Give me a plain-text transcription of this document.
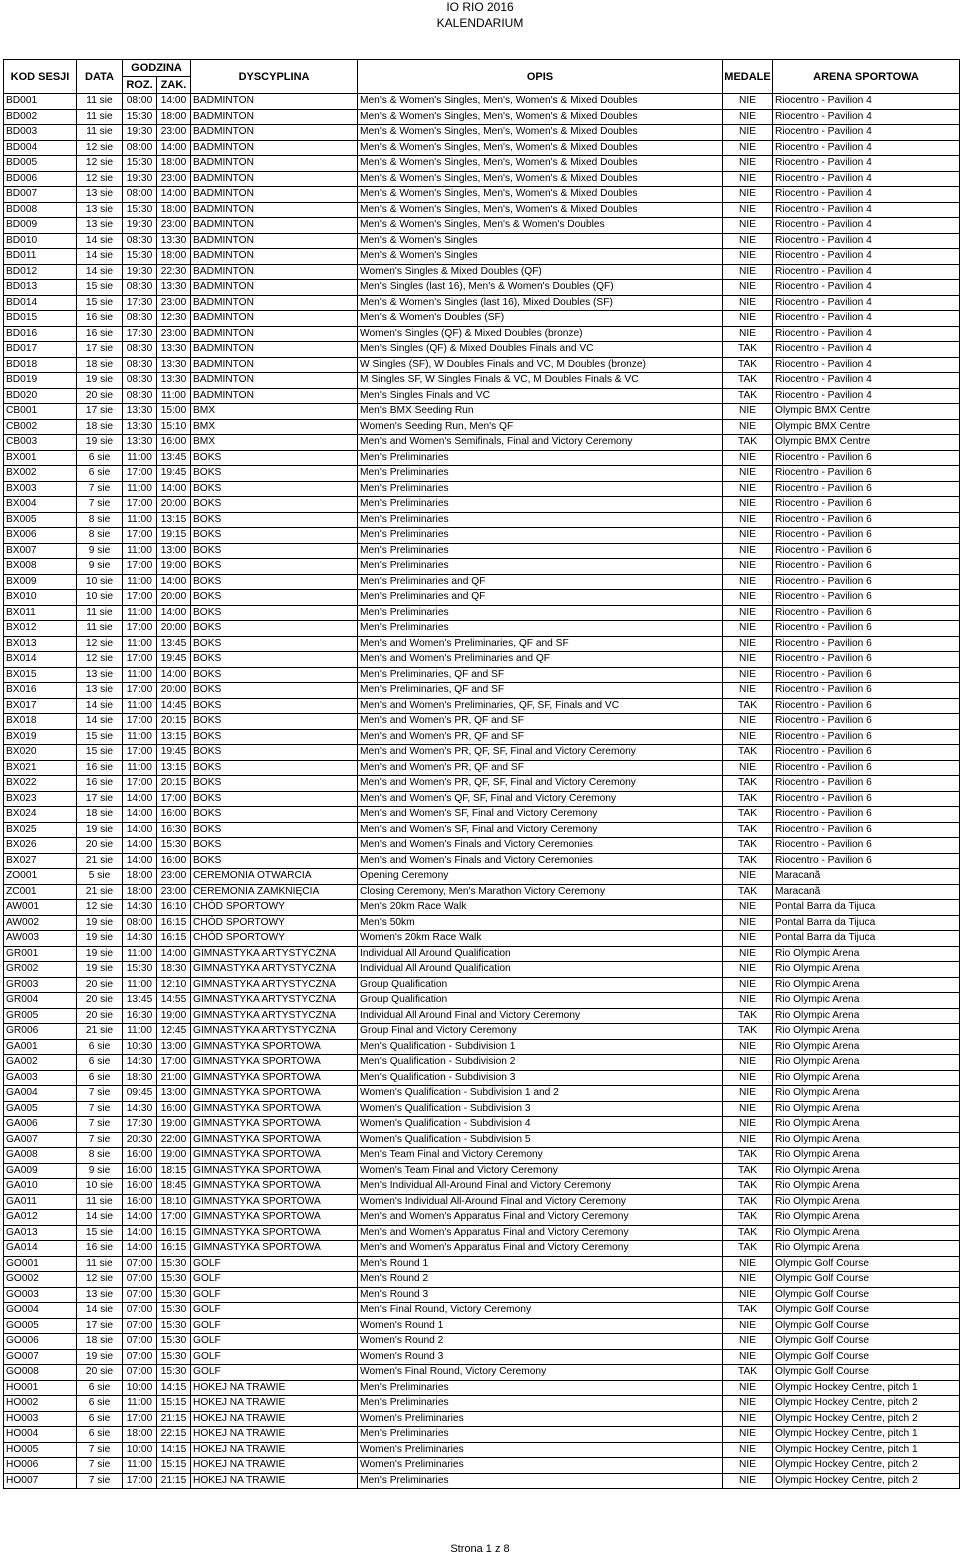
IO RIO 2016
KALENDARIUM
KOD SESJI	DATA	GODZINA		DYSCYPLINA	OPIS	MEDALE	ARENA SPORTOWA
		ROZ.	ZAK.				
BD001	11 sie	08:00	14:00	BADMINTON	Men's & Women's Singles, Men's, Women's & Mixed Doubles	NIE	Riocentro - Pavilion 4
BD002	11 sie	15:30	18:00	BADMINTON	Men's & Women's Singles, Men's, Women's & Mixed Doubles	NIE	Riocentro - Pavilion 4
BD003	11 sie	19:30	23:00	BADMINTON	Men's & Women's Singles, Men's, Women's & Mixed Doubles	NIE	Riocentro - Pavilion 4
BD004	12 sie	08:00	14:00	BADMINTON	Men's & Women's Singles, Men's, Women's & Mixed Doubles	NIE	Riocentro - Pavilion 4
BD005	12 sie	15:30	18:00	BADMINTON	Men's & Women's Singles, Men's, Women's & Mixed Doubles	NIE	Riocentro - Pavilion 4
BD006	12 sie	19:30	23:00	BADMINTON	Men's & Women's Singles, Men's, Women's & Mixed Doubles	NIE	Riocentro - Pavilion 4
BD007	13 sie	08:00	14:00	BADMINTON	Men's & Women's Singles, Men's, Women's & Mixed Doubles	NIE	Riocentro - Pavilion 4
BD008	13 sie	15:30	18:00	BADMINTON	Men's & Women's Singles, Men's, Women's & Mixed Doubles	NIE	Riocentro - Pavilion 4
BD009	13 sie	19:30	23:00	BADMINTON	Men's & Women's Singles, Men's & Women's Doubles	NIE	Riocentro - Pavilion 4
BD010	14 sie	08:30	13:30	BADMINTON	Men's & Women's Singles	NIE	Riocentro - Pavilion 4
BD011	14 sie	15:30	18:00	BADMINTON	Men's & Women's Singles	NIE	Riocentro - Pavilion 4
BD012	14 sie	19:30	22:30	BADMINTON	Women's Singles & Mixed Doubles (QF)	NIE	Riocentro - Pavilion 4
BD013	15 sie	08:30	13:30	BADMINTON	Men's Singles (last 16), Men's & Women's Doubles (QF)	NIE	Riocentro - Pavilion 4
BD014	15 sie	17:30	23:00	BADMINTON	Men's & Women's Singles (last 16), Mixed Doubles (SF)	NIE	Riocentro - Pavilion 4
BD015	16 sie	08:30	12:30	BADMINTON	Men's & Women's Doubles (SF)	NIE	Riocentro - Pavilion 4
BD016	16 sie	17:30	23:00	BADMINTON	Women's Singles (QF) & Mixed Doubles (bronze)	NIE	Riocentro - Pavilion 4
BD017	17 sie	08:30	13:30	BADMINTON	Men's Singles (QF) & Mixed Doubles Finals and VC	TAK	Riocentro - Pavilion 4
BD018	18 sie	08:30	13:30	BADMINTON	W Singles (SF), W Doubles Finals and VC, M Doubles (bronze)	TAK	Riocentro - Pavilion 4
BD019	19 sie	08:30	13:30	BADMINTON	M Singles SF, W Singles Finals & VC, M Doubles Finals & VC	TAK	Riocentro - Pavilion 4
BD020	20 sie	08:30	11:00	BADMINTON	Men's Singles Finals and VC	TAK	Riocentro - Pavilion 4
CB001	17 sie	13:30	15:00	BMX	Men's BMX Seeding Run	NIE	Olympic BMX Centre
CB002	18 sie	13:30	15:10	BMX	Women's Seeding Run, Men's QF	NIE	Olympic BMX Centre
CB003	19 sie	13:30	16:00	BMX	Men's and Women's Semifinals, Final and Victory Ceremony	TAK	Olympic BMX Centre
BX001	6 sie	11:00	13:45	BOKS	Men's Preliminaries	NIE	Riocentro - Pavilion 6
BX002	6 sie	17:00	19:45	BOKS	Men's Preliminaries	NIE	Riocentro - Pavilion 6
BX003	7 sie	11:00	14:00	BOKS	Men's Preliminaries	NIE	Riocentro - Pavilion 6
BX004	7 sie	17:00	20:00	BOKS	Men's Preliminaries	NIE	Riocentro - Pavilion 6
BX005	8 sie	11:00	13:15	BOKS	Men's Preliminaries	NIE	Riocentro - Pavilion 6
BX006	8 sie	17:00	19:15	BOKS	Men's Preliminaries	NIE	Riocentro - Pavilion 6
BX007	9 sie	11:00	13:00	BOKS	Men's Preliminaries	NIE	Riocentro - Pavilion 6
BX008	9 sie	17:00	19:00	BOKS	Men's Preliminaries	NIE	Riocentro - Pavilion 6
BX009	10 sie	11:00	14:00	BOKS	Men's Preliminaries and QF	NIE	Riocentro - Pavilion 6
BX010	10 sie	17:00	20:00	BOKS	Men's Preliminaries and QF	NIE	Riocentro - Pavilion 6
BX011	11 sie	11:00	14:00	BOKS	Men's Preliminaries	NIE	Riocentro - Pavilion 6
BX012	11 sie	17:00	20:00	BOKS	Men's Preliminaries	NIE	Riocentro - Pavilion 6
BX013	12 sie	11:00	13:45	BOKS	Men's and Women's Preliminaries, QF and SF	NIE	Riocentro - Pavilion 6
BX014	12 sie	17:00	19:45	BOKS	Men's and Women's Preliminaries and QF	NIE	Riocentro - Pavilion 6
BX015	13 sie	11:00	14:00	BOKS	Men's Preliminaries, QF and SF	NIE	Riocentro - Pavilion 6
BX016	13 sie	17:00	20:00	BOKS	Men's Preliminaries, QF and SF	NIE	Riocentro - Pavilion 6
BX017	14 sie	11:00	14:45	BOKS	Men's and Women's Preliminaries, QF, SF, Finals and VC	TAK	Riocentro - Pavilion 6
BX018	14 sie	17:00	20:15	BOKS	Men's and Women's PR, QF and SF	NIE	Riocentro - Pavilion 6
BX019	15 sie	11:00	13:15	BOKS	Men's and Women's PR, QF and SF	NIE	Riocentro - Pavilion 6
BX020	15 sie	17:00	19:45	BOKS	Men's and Women's PR, QF, SF, Final and Victory Ceremony	TAK	Riocentro - Pavilion 6
BX021	16 sie	11:00	13:15	BOKS	Men's and Women's PR, QF and SF	NIE	Riocentro - Pavilion 6
BX022	16 sie	17:00	20:15	BOKS	Men's and Women's PR, QF, SF, Final and Victory Ceremony	TAK	Riocentro - Pavilion 6
BX023	17 sie	14:00	17:00	BOKS	Men's and Women's QF, SF, Final and Victory Ceremony	TAK	Riocentro - Pavilion 6
BX024	18 sie	14:00	16:00	BOKS	Men's and Women's SF, Final and Victory Ceremony	TAK	Riocentro - Pavilion 6
BX025	19 sie	14:00	16:30	BOKS	Men's and Women's SF, Final and Victory Ceremony	TAK	Riocentro - Pavilion 6
BX026	20 sie	14:00	15:30	BOKS	Men's and Women's Finals and Victory Ceremonies	TAK	Riocentro - Pavilion 6
BX027	21 sie	14:00	16:00	BOKS	Men's and Women's Finals and Victory Ceremonies	TAK	Riocentro - Pavilion 6
ZO001	5 sie	18:00	23:00	CEREMONIA OTWARCIA	Opening Ceremony	NIE	Maracanã
ZC001	21 sie	18:00	23:00	CEREMONIA ZAMKNIĘCIA	Closing Ceremony, Men's Marathon Victory Ceremony	TAK	Maracanã
AW001	12 sie	14:30	16:10	CHÓD SPORTOWY	Men's 20km Race Walk	NIE	Pontal Barra da Tijuca
AW002	19 sie	08:00	16:15	CHÓD SPORTOWY	Men's 50km	NIE	Pontal Barra da Tijuca
AW003	19 sie	14:30	16:15	CHÓD SPORTOWY	Women's 20km Race Walk	NIE	Pontal Barra da Tijuca
GR001	19 sie	11:00	14:00	GIMNASTYKA ARTYSTYCZNA	Individual All Around Qualification	NIE	Rio Olympic Arena
GR002	19 sie	15:30	18:30	GIMNASTYKA ARTYSTYCZNA	Individual All Around Qualification	NIE	Rio Olympic Arena
GR003	20 sie	11:00	12:10	GIMNASTYKA ARTYSTYCZNA	Group Qualification	NIE	Rio Olympic Arena
GR004	20 sie	13:45	14:55	GIMNASTYKA ARTYSTYCZNA	Group Qualification	NIE	Rio Olympic Arena
GR005	20 sie	16:30	19:00	GIMNASTYKA ARTYSTYCZNA	Individual All Around Final and Victory Ceremony	TAK	Rio Olympic Arena
GR006	21 sie	11:00	12:45	GIMNASTYKA ARTYSTYCZNA	Group Final and Victory Ceremony	TAK	Rio Olympic Arena
GA001	6 sie	10:30	13:00	GIMNASTYKA SPORTOWA	Men's Qualification - Subdivision 1	NIE	Rio Olympic Arena
GA002	6 sie	14:30	17:00	GIMNASTYKA SPORTOWA	Men's Qualification - Subdivision 2	NIE	Rio Olympic Arena
GA003	6 sie	18:30	21:00	GIMNASTYKA SPORTOWA	Men's Qualification - Subdivision 3	NIE	Rio Olympic Arena
GA004	7 sie	09:45	13:00	GIMNASTYKA SPORTOWA	Women's Qualification - Subdivision 1 and 2	NIE	Rio Olympic Arena
GA005	7 sie	14:30	16:00	GIMNASTYKA SPORTOWA	Women's Qualification - Subdivision 3	NIE	Rio Olympic Arena
GA006	7 sie	17:30	19:00	GIMNASTYKA SPORTOWA	Women's Qualification - Subdivision 4	NIE	Rio Olympic Arena
GA007	7 sie	20:30	22:00	GIMNASTYKA SPORTOWA	Women's Qualification - Subdivision 5	NIE	Rio Olympic Arena
GA008	8 sie	16:00	19:00	GIMNASTYKA SPORTOWA	Men's Team Final and Victory Ceremony	TAK	Rio Olympic Arena
GA009	9 sie	16:00	18:15	GIMNASTYKA SPORTOWA	Women's Team Final and Victory Ceremony	TAK	Rio Olympic Arena
GA010	10 sie	16:00	18:45	GIMNASTYKA SPORTOWA	Men's Individual All-Around Final and Victory Ceremony	TAK	Rio Olympic Arena
GA011	11 sie	16:00	18:10	GIMNASTYKA SPORTOWA	Women's Individual All-Around Final and Victory Ceremony	TAK	Rio Olympic Arena
GA012	14 sie	14:00	17:00	GIMNASTYKA SPORTOWA	Men's and Women's Apparatus Final and Victory Ceremony	TAK	Rio Olympic Arena
GA013	15 sie	14:00	16:15	GIMNASTYKA SPORTOWA	Men's and Women's Apparatus Final and Victory Ceremony	TAK	Rio Olympic Arena
GA014	16 sie	14:00	16:15	GIMNASTYKA SPORTOWA	Men's and Women's Apparatus Final and Victory Ceremony	TAK	Rio Olympic Arena
GO001	11 sie	07:00	15:30	GOLF	Men's Round 1	NIE	Olympic Golf Course
GO002	12 sie	07:00	15:30	GOLF	Men's Round 2	NIE	Olympic Golf Course
GO003	13 sie	07:00	15:30	GOLF	Men's Round 3	NIE	Olympic Golf Course
GO004	14 sie	07:00	15:30	GOLF	Men's Final Round, Victory Ceremony	TAK	Olympic Golf Course
GO005	17 sie	07:00	15:30	GOLF	Women's Round 1	NIE	Olympic Golf Course
GO006	18 sie	07:00	15:30	GOLF	Women's Round 2	NIE	Olympic Golf Course
GO007	19 sie	07:00	15:30	GOLF	Women's Round 3	NIE	Olympic Golf Course
GO008	20 sie	07:00	15:30	GOLF	Women's Final Round, Victory Ceremony	TAK	Olympic Golf Course
HO001	6 sie	10:00	14:15	HOKEJ NA TRAWIE	Men's Preliminaries	NIE	Olympic Hockey Centre, pitch 1
HO002	6 sie	11:00	15:15	HOKEJ NA TRAWIE	Men's Preliminaries	NIE	Olympic Hockey Centre, pitch 2
HO003	6 sie	17:00	21:15	HOKEJ NA TRAWIE	Women's Preliminaries	NIE	Olympic Hockey Centre, pitch 2
HO004	6 sie	18:00	22:15	HOKEJ NA TRAWIE	Men's Preliminaries	NIE	Olympic Hockey Centre, pitch 1
HO005	7 sie	10:00	14:15	HOKEJ NA TRAWIE	Women's Preliminaries	NIE	Olympic Hockey Centre, pitch 1
HO006	7 sie	11:00	15:15	HOKEJ NA TRAWIE	Women's Preliminaries	NIE	Olympic Hockey Centre, pitch 2
HO007	7 sie	17:00	21:15	HOKEJ NA TRAWIE	Men's Preliminaries	NIE	Olympic Hockey Centre, pitch 2
Strona 1 z 8
